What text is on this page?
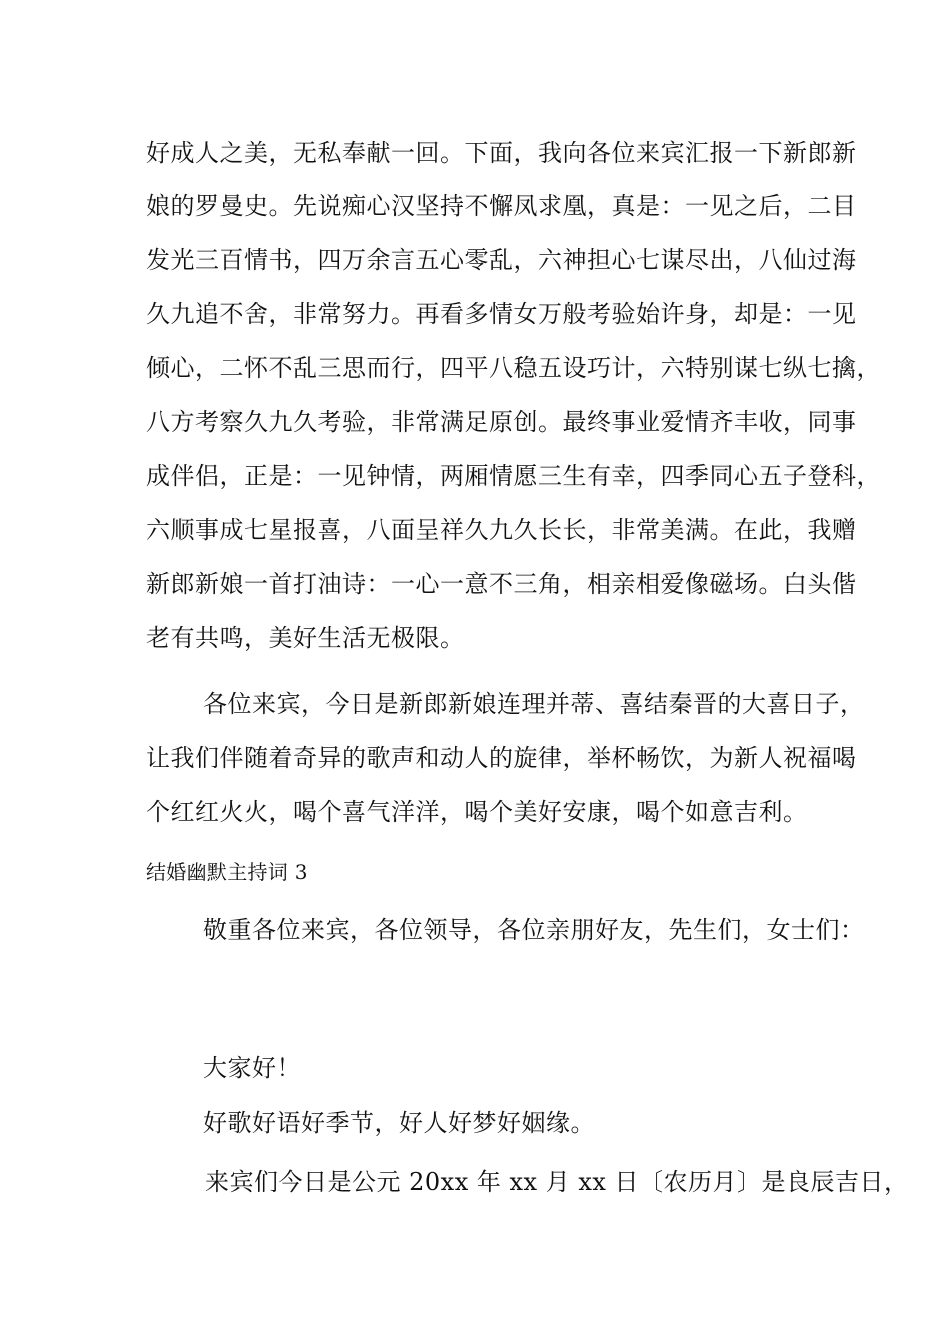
好成人之美，无私奉献一回。下面，我向各位来宾汇报一下新郎新
娘的罗曼史。先说痴心汉坚持不懈凤求凰，真是：一见之后，二目
发光三百情书，四万余言五心零乱，六神担心七谋尽出，八仙过海
久九追不舍，非常努力。再看多情女万般考验始许身，却是：一见
倾心，二怀不乱三思而行，四平八稳五设巧计，六特别谋七纵七擒，
八方考察久九久考验，非常满足原创。最终事业爱情齐丰收，同事
成伴侣，正是：一见钟情，两厢情愿三生有幸，四季同心五子登科，
六顺事成七星报喜，八面呈祥久九久长长，非常美满。在此，我赠
新郎新娘一首打油诗：一心一意不三角，相亲相爱像磁场。白头偕
老有共鸣，美好生活无极限。
各位来宾，今日是新郎新娘连理并蒂、喜结秦晋的大喜日子，
让我们伴随着奇异的歌声和动人的旋律，举杯畅饮，为新人祝福喝
个红红火火，喝个喜气洋洋，喝个美好安康，喝个如意吉利。
结婚幽默主持词 3
敬重各位来宾，各位领导，各位亲朋好友，先生们，女士们：
大家好！
好歌好语好季节，好人好梦好姻缘。
来宾们今日是公元 20xx 年 xx 月 xx 日〔农历月〕是良辰吉日，
